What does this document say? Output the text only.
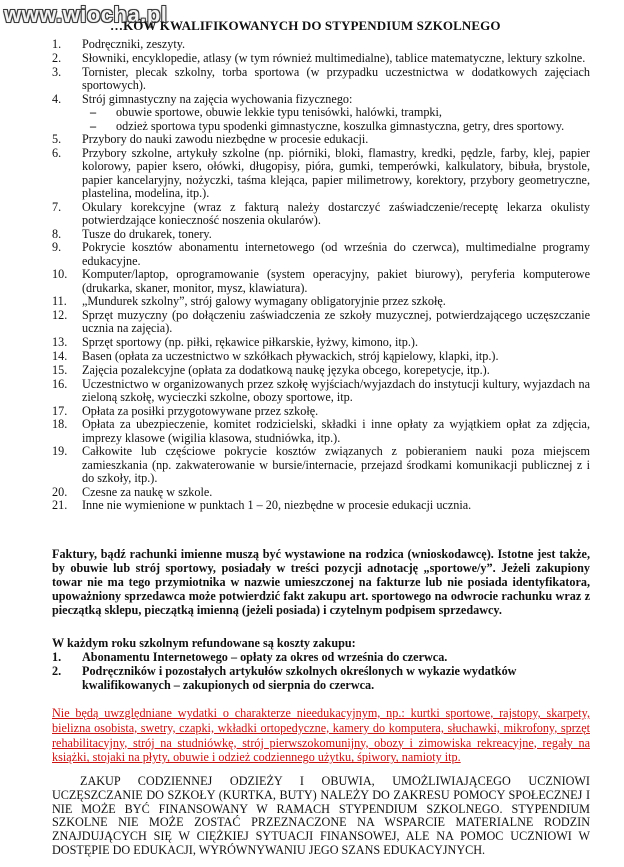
www.wiocha.pl
…KÓW KWALIFIKOWANYCH DO STYPENDIUM SZKOLNEGO
1. Podręczniki, zeszyty.
2. Słowniki, encyklopedie, atlasy (w tym również multimedialne), tablice matematyczne, lektury szkolne.
3. Tornister, plecak szkolny, torba sportowa (w przypadku uczestnictwa w dodatkowych zajęciach sportowych).
4. Strój gimnastyczny na zajęcia wychowania fizycznego:
– obuwie sportowe, obuwie lekkie typu tenisówki, halówki, trampki,
– odzież sportowa typu spodenki gimnastyczne, koszulka gimnastyczna, getry, dres sportowy.
5. Przybory do nauki zawodu niezbędne w procesie edukacji.
6. Przybory szkolne, artykuły szkolne (np. piórniki, bloki, flamastry, kredki, pędzle, farby, klej, papier kolorowy, papier ksero, ołówki, długopisy, pióra, gumki, temperówki, kalkulatory, bibuła, brystole, papier kancelaryjny, nożyczki, taśma klejąca, papier milimetrowy, korektory, przybory geometryczne, plastelina, modelina, itp.).
7. Okulary korekcyjne (wraz z fakturą należy dostarczyć zaświadczenie/receptę lekarza okulisty potwierdzające konieczność noszenia okularów).
8. Tusze do drukarek, tonery.
9. Pokrycie kosztów abonamentu internetowego (od września do czerwca), multimedialne programy edukacyjne.
10. Komputer/laptop, oprogramowanie (system operacyjny, pakiet biurowy), peryferia komputerowe (drukarka, skaner, monitor, mysz, klawiatura).
11. „Mundurek szkolny”, strój galowy wymagany obligatoryjnie przez szkołę.
12. Sprzęt muzyczny (po dołączeniu zaświadczenia ze szkoły muzycznej, potwierdzającego uczęszczanie ucznia na zajęcia).
13. Sprzęt sportowy (np. piłki, rękawice piłkarskie, łyżwy, kimono, itp.).
14. Basen (opłata za uczestnictwo w szkółkach pływackich, strój kąpielowy, klapki, itp.).
15. Zajęcia pozalekcyjne (opłata za dodatkową naukę języka obcego, korepetycje, itp.).
16. Uczestnictwo w organizowanych przez szkołę wyjściach/wyjazdach do instytucji kultury, wyjazdach na zieloną szkołę, wycieczki szkolne, obozy sportowe, itp.
17. Opłata za posiłki przygotowywane przez szkołę.
18. Opłata za ubezpieczenie, komitet rodzicielski, składki i inne opłaty za wyjątkiem opłat za zdjęcia, imprezy klasowe (wigilia klasowa, studniówka, itp.).
19. Całkowite lub częściowe pokrycie kosztów związanych z pobieraniem nauki poza miejscem zamieszkania (np. zakwaterowanie w bursie/internacie, przejazd środkami komunikacji publicznej z i do szkoły, itp.).
20. Czesne za naukę w szkole.
21. Inne nie wymienione w punktach 1 – 20, niezbędne w procesie edukacji ucznia.

Faktury, bądź rachunki imienne muszą być wystawione na rodzica (wnioskodawcę). Istotne jest także, by obuwie lub strój sportowy, posiadały w treści pozycji adnotację „sportowe/y”. Jeżeli zakupiony towar nie ma tego przymiotnika w nazwie umieszczonej na fakturze lub nie posiada identyfikatora, upoważniony sprzedawca może potwierdzić fakt zakupu art. sportowego na odwrocie rachunku wraz z pieczątką sklepu, pieczątką imienną (jeżeli posiada) i czytelnym podpisem sprzedawcy.

W każdym roku szkolnym refundowane są koszty zakupu:

1. Abonamentu Internetowego – opłaty za okres od września do czerwca.
2. Podręczników i pozostałych artykułów szkolnych określonych w wykazie wydatków kwalifikowanych – zakupionych od sierpnia do czerwca.

Nie będą uwzględniane wydatki o charakterze nieedukacyjnym, np.: kurtki sportowe, rajstopy, skarpety, bielizna osobista, swetry, czapki, wkładki ortopedyczne, kamery do komputera, słuchawki, mikrofony, sprzęt rehabilitacyjny, strój na studniówkę, strój pierwszokomunijny, obozy i zimowiska rekreacyjne, regały na książki, stojaki na płyty, obuwie i odzież codziennego użytku, śpiwory, namioty itp.

ZAKUP CODZIENNEJ ODZIEŻY I OBUWIA, UMOŻLIWIAJĄCEGO UCZNIOWI UCZĘSZCZANIE DO SZKOŁY (KURTKA, BUTY) NALEŻY DO ZAKRESU POMOCY SPOŁECZNEJ I NIE MOŻE BYĆ FINANSOWANY W RAMACH STYPENDIUM SZKOLNEGO. STYPENDIUM SZKOLNE NIE MOŻE ZOSTAĆ PRZEZNACZONE NA WSPARCIE MATERIALNE RODZIN ZNAJDUJĄCYCH SIĘ W CIĘŻKIEJ SYTUACJI FINANSOWEJ, ALE NA POMOC UCZNIOWI W DOSTĘPIE DO EDUKACJI, WYRÓWNYWANIU JEGO SZANS EDUKACYJNYCH.
